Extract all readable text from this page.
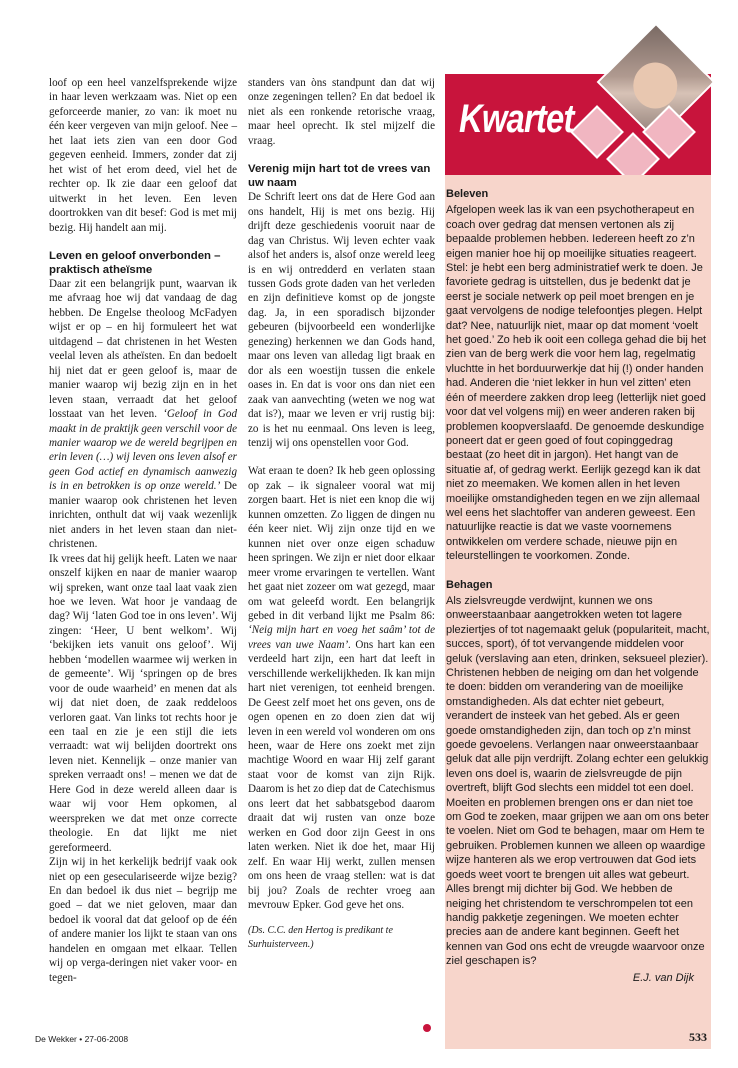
loof op een heel vanzelfsprekende wijze in haar leven werkzaam was. Niet op een geforceerde manier, zo van: ik moet nu één keer vergeven van mijn geloof. Nee – het laat iets zien van een door God gegeven eenheid. Immers, zonder dat zij het wist of het erom deed, viel het de rechter op. Ik zie daar een geloof dat uitwerkt in het leven. Een leven doortrokken van dit besef: God is met mij bezig. Hij handelt aan mij.

Leven en geloof onverbonden – praktisch atheïsme

Daar zit een belangrijk punt, waarvan ik me afvraag hoe wij dat vandaag de dag hebben. De Engelse theoloog McFadyen wijst er op – en hij formuleert het wat uitdagend – dat christenen in het Westen veelal leven als atheïsten. En dan bedoelt hij niet dat er geen geloof is, maar de manier waarop wij bezig zijn en in het leven staan, verraadt dat het geloof losstaat van het leven. ‘Geloof in God maakt in de praktijk geen verschil voor de manier waarop we de wereld begrijpen en erin leven (…) wij leven ons leven alsof er geen God actief en dynamisch aanwezig is in en betrokken is op onze wereld.’ De manier waarop ook christenen het leven inrichten, onthult dat wij vaak wezenlijk niet anders in het leven staan dan niet-christenen.

Ik vrees dat hij gelijk heeft. Laten we naar onszelf kijken en naar de manier waarop wij spreken, want onze taal laat vaak zien hoe we leven. Wat hoor je vandaag de dag? Wij ‘laten God toe in ons leven’. Wij zingen: ‘Heer, U bent welkom’. Wij ‘bekijken iets vanuit ons geloof’. Wij hebben ‘modellen waarmee wij werken in de gemeente’. Wij ‘springen op de bres voor de oude waarheid’ en menen dat als wij dat niet doen, de zaak reddeloos verloren gaat. Van links tot rechts hoor je een taal en zie je een stijl die iets verraadt: wat wij belijden doortrekt ons leven niet. Kennelijk – onze manier van spreken verraadt ons! – menen we dat de Here God in deze wereld alleen daar is waar wij voor Hem opkomen, al weerspreken we dat met onze correcte theologie. En dat lijkt me niet gereformeerd.

Zijn wij in het kerkelijk bedrijf vaak ook niet op een geseculariseerde wijze bezig? En dan bedoel ik dus niet – begrijp me goed – dat we niet geloven, maar dan bedoel ik vooral dat dat geloof op de één of andere manier los lijkt te staan van ons handelen en omgaan met elkaar. Tellen wij op verga-deringen niet vaker voor- en tegen-

standers van òns standpunt dan dat wij onze zegeningen tellen? En dat bedoel ik niet als een ronkende retorische vraag, maar heel oprecht. Ik stel mijzelf die vraag.

Verenig mijn hart tot de vrees van uw naam

De Schrift leert ons dat de Here God aan ons handelt, Hij is met ons bezig. Hij drijft deze geschiedenis vooruit naar de dag van Christus. Wij leven echter vaak alsof het anders is, alsof onze wereld leeg is en wij ontredderd en verlaten staan tussen Gods grote daden van het verleden en zijn definitieve komst op de jongste dag. Ja, in een sporadisch bijzonder gebeuren (bijvoorbeeld een wonderlijke genezing) herkennen we dan Gods hand, maar ons leven van alledag ligt braak en dor als een woestijn tussen die enkele oases in. En dat is voor ons dan niet een zaak van aanvechting (weten we nog wat dat is?), maar we leven er vrij rustig bij: zo is het nu eenmaal. Ons leven is leeg, tenzij wij ons openstellen voor God.

Wat eraan te doen? Ik heb geen oplossing op zak – ik signaleer vooral wat mij zorgen baart. Het is niet een knop die wij kunnen omzetten. Zo liggen de dingen nu één keer niet. Wij zijn onze tijd en we kunnen niet over onze eigen schaduw heen springen. We zijn er niet door elkaar meer vrome ervaringen te vertellen. Want het gaat niet zozeer om wat gezegd, maar om wat geleefd wordt. Een belangrijk gebed in dit verband lijkt me Psalm 86: ‘Neig mijn hart en voeg het saâm’ tot de vrees van uwe Naam’. Ons hart kan een verdeeld hart zijn, een hart dat leeft in verschillende werkelijkheden. Ik kan mijn hart niet verenigen, tot eenheid brengen. De Geest zelf moet het ons geven, ons de ogen openen en zo doen zien dat wij leven in een wereld vol wonderen om ons heen, waar de Here ons zoekt met zijn machtige Woord en waar Hij zelf garant staat voor de komst van zijn Rijk. Daarom is het zo diep dat de Catechismus ons leert dat het sabbatsgebod daarom draait dat wij rusten van onze boze werken en God door zijn Geest in ons laten werken. Niet ik doe het, maar Hij zelf. En waar Hij werkt, zullen mensen om ons heen de vraag stellen: wat is dat bij jou? Zoals de rechter vroeg aan mevrouw Epker. God geve het ons.

(Ds. C.C. den Hertog is predikant te Surhuisterveen.)

Kwartet

Beleven

Afgelopen week las ik van een psychotherapeut en coach over gedrag dat mensen vertonen als zij bepaalde problemen hebben. Iedereen heeft zo z’n eigen manier hoe hij op moeilijke situaties reageert. Stel: je hebt een berg administratief werk te doen. Je favoriete gedrag is uitstellen, dus je bedenkt dat je eerst je sociale netwerk op peil moet brengen en je gaat vervolgens de nodige telefoontjes plegen. Helpt dat? Nee, natuurlijk niet, maar op dat moment ‘voelt het goed.’ Zo heb ik ooit een collega gehad die bij het zien van de berg werk die voor hem lag, regelmatig vluchtte in het borduurwerkje dat hij (!) onder handen had. Anderen die ‘niet lekker in hun vel zitten’ eten één of meerdere zakken drop leeg (letterlijk niet goed voor dat vel volgens mij) en weer anderen raken bij problemen koopverslaafd. De genoemde deskundige poneert dat er geen goed of fout copinggedrag bestaat (zo heet dit in jargon). Het hangt van de situatie af, of gedrag werkt. Eerlijk gezegd kan ik dat niet zo meemaken. We komen allen in het leven moeilijke omstandigheden tegen en we zijn allemaal wel eens het slachtoffer van anderen geweest. Een natuurlijke reactie is dat we vaste voornemens ontwikkelen om verdere schade, nieuwe pijn en teleurstellingen te voorkomen. Zonde.

Behagen

Als zielsvreugde verdwijnt, kunnen we ons onweerstaanbaar aangetrokken weten tot lagere pleziertjes of tot nagemaakt geluk (populariteit, macht, succes, sport), óf tot vervangende middelen voor geluk (verslaving aan eten, drinken, seksueel plezier). Christenen hebben de neiging om dan het volgende te doen: bidden om verandering van de moeilijke omstandigheden. Als dat echter niet gebeurt, verandert de insteek van het gebed. Als er geen goede omstandigheden zijn, dan toch op z’n minst goede gevoelens. Verlangen naar onweerstaanbaar geluk dat alle pijn verdrijft. Zolang echter een gelukkig leven ons doel is, waarin de zielsvreugde de pijn overtreft, blijft God slechts een middel tot een doel. Moeiten en problemen brengen ons er dan niet toe om God te zoeken, maar grijpen we aan om ons beter te voelen. Niet om God te behagen, maar om Hem te gebruiken. Problemen kunnen we alleen op waardige wijze hanteren als we erop vertrouwen dat God iets goeds weet voort te brengen uit alles wat gebeurt. Alles brengt mij dichter bij God. We hebben de neiging het christendom te verschrompelen tot een handig pakketje zegeningen. We moeten echter precies aan de andere kant beginnen. Geeft het kennen van God ons echt de vreugde waarvoor onze ziel geschapen is?

E.J. van Dijk

De Wekker • 27-06-2008	533
